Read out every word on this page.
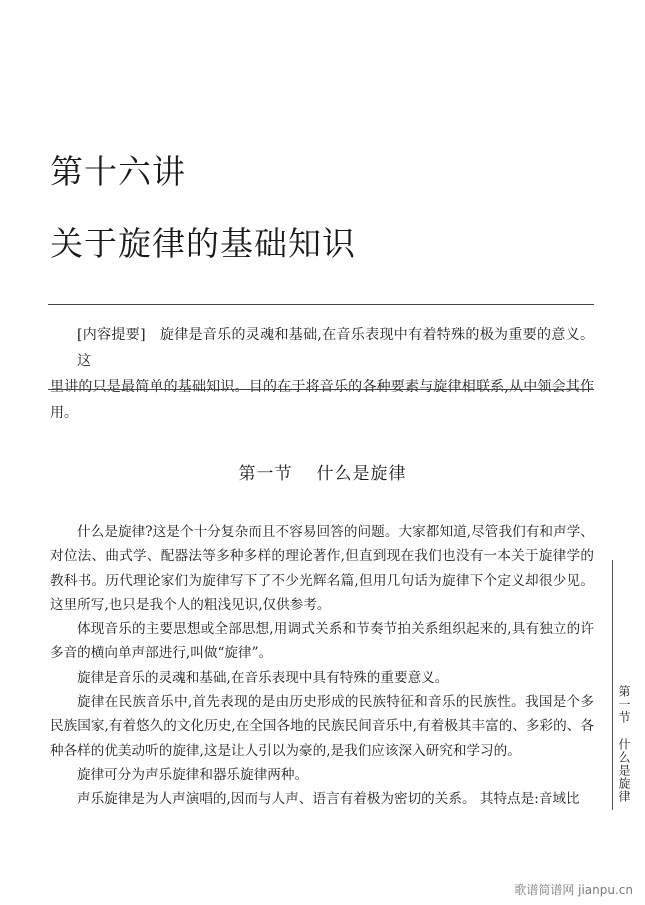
第十六讲
关于旋律的基础知识

[内容提要] 旋律是音乐的灵魂和基础,在音乐表现中有着特殊的极为重要的意义。这
里讲的只是最简单的基础知识。目的在于将音乐的各种要素与旋律相联系,从中领会其作用。

第一节 什么是旋律

什么是旋律?这是个十分复杂而且不容易回答的问题。大家都知道,尽管我们有和声学、对位法、曲式学、配器法等多种多样的理论著作,但直到现在我们也没有一本关于旋律学的教科书。历代理论家们为旋律写下了不少光辉名篇,但用几句话为旋律下个定义却很少见。这里所写,也只是我个人的粗浅见识,仅供参考。

体现音乐的主要思想或全部思想,用调式关系和节奏节拍关系组织起来的,具有独立的许多音的横向单声部进行,叫做“旋律”。

旋律是音乐的灵魂和基础,在音乐表现中具有特殊的重要意义。

旋律在民族音乐中,首先表现的是由历史形成的民族特征和音乐的民族性。我国是个多民族国家,有着悠久的文化历史,在全国各地的民族民间音乐中,有着极其丰富的、多彩的、各种各样的优美动听的旋律,这是让人引以为豪的,是我们应该深入研究和学习的。

旋律可分为声乐旋律和器乐旋律两种。

声乐旋律是为人声演唱的,因而与人声、语言有着极为密切的关系。 其特点是:音域比

第一节什么是旋律
歌谱简谱网 jianpu.cn
